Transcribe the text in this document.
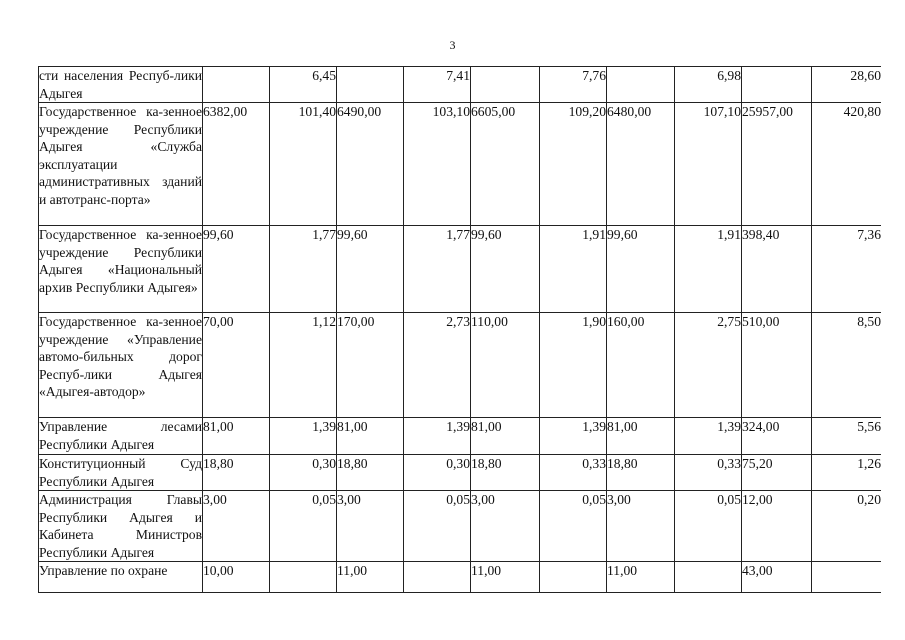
3
сти населения Респуб-лики Адыгея		6,45		7,41		7,76		6,98		28,60
Государственное ка-зенное учреждение Республики Адыгея «Служба эксплуатации административных зданий и автотранс-порта»	6382,00	101,40	6490,00	103,10	6605,00	109,20	6480,00	107,10	25957,00	420,80
Государственное ка-зенное учреждение Республики Адыгея «Национальный архив Республики Адыгея»	99,60	1,77	99,60	1,77	99,60	1,91	99,60	1,91	398,40	7,36
Государственное ка-зенное учреждение «Управление автомо-бильных дорог Респуб-лики Адыгея «Адыгея-автодор»	70,00	1,12	170,00	2,73	110,00	1,90	160,00	2,75	510,00	8,50
Управление лесами Республики Адыгея	81,00	1,39	81,00	1,39	81,00	1,39	81,00	1,39	324,00	5,56
Конституционный Суд Республики Адыгея	18,80	0,30	18,80	0,30	18,80	0,33	18,80	0,33	75,20	1,26
Администрация Главы Республики Адыгея и Кабинета Министров Республики Адыгея	3,00	0,05	3,00	0,05	3,00	0,05	3,00	0,05	12,00	0,20
Управление по охране	10,00		11,00		11,00		11,00		43,00	
